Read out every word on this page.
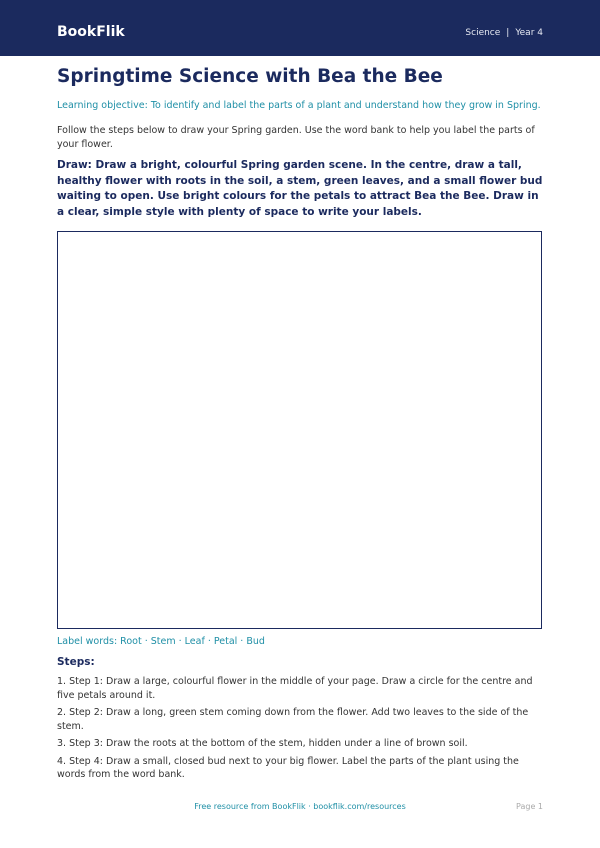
BookFlik	Science | Year 4
Springtime Science with Bea the Bee
Learning objective: To identify and label the parts of a plant and understand how they grow in Spring.
Follow the steps below to draw your Spring garden. Use the word bank to help you label the parts of your flower.
Draw: Draw a bright, colourful Spring garden scene. In the centre, draw a tall, healthy flower with roots in the soil, a stem, green leaves, and a small flower bud waiting to open. Use bright colours for the petals to attract Bea the Bee. Draw in a clear, simple style with plenty of space to write your labels.
Label words: Root · Stem · Leaf · Petal · Bud
Steps:
1. Step 1: Draw a large, colourful flower in the middle of your page. Draw a circle for the centre and five petals around it.
2. Step 2: Draw a long, green stem coming down from the flower. Add two leaves to the side of the stem.
3. Step 3: Draw the roots at the bottom of the stem, hidden under a line of brown soil.
4. Step 4: Draw a small, closed bud next to your big flower. Label the parts of the plant using the words from the word bank.
Free resource from BookFlik · bookflik.com/resources	Page 1
